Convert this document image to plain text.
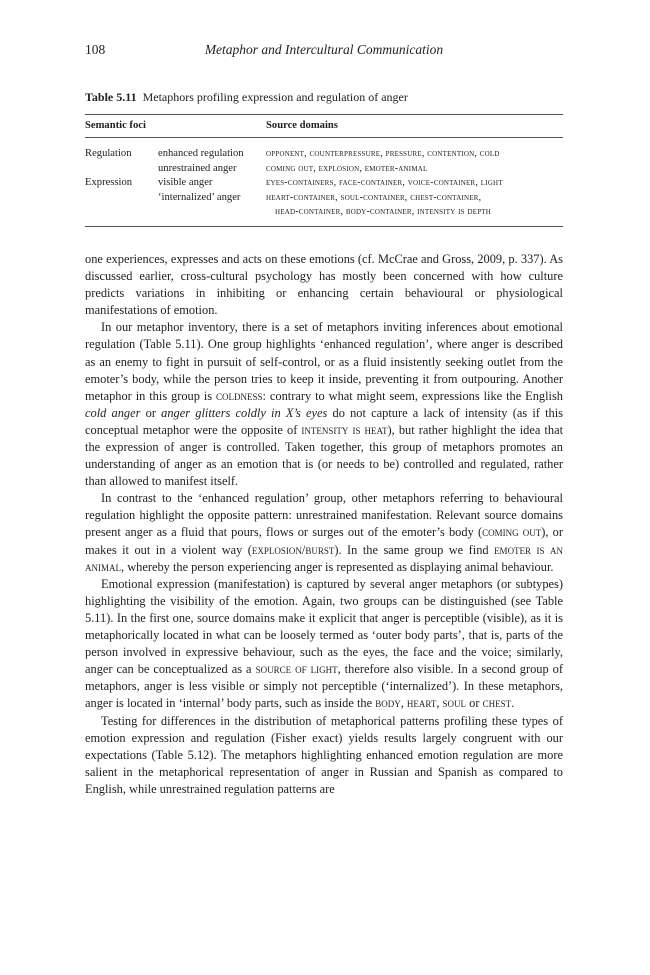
108	Metaphor and Intercultural Communication
Table 5.11 Metaphors profiling expression and regulation of anger
Semantic foci		Source domains
Regulation	enhanced regulation	opponent, counterpressure, pressure, contention, cold
	unrestrained anger	coming out, explosion, emoter-animal
Expression	visible anger	eyes-containers, face-container, voice-container, light
	‘internalized’ anger	heart-container, soul-container, chest-container,
		head-container, body-container, intensity is depth

one experiences, expresses and acts on these emotions (cf. McCrae and Gross, 2009, p. 337). As discussed earlier, cross-cultural psychology has mostly been concerned with how culture predicts variations in inhibiting or enhancing certain behavioural or physiological manifestations of emotion.

In our metaphor inventory, there is a set of metaphors inviting inferences about emotional regulation (Table 5.11). One group highlights ‘enhanced regulation’, where anger is described as an enemy to fight in pursuit of self-control, or as a fluid insistently seeking outlet from the emoter’s body, while the person tries to keep it inside, preventing it from outpouring. Another metaphor in this group is coldness: contrary to what might seem, expressions like the English cold anger or anger glitters coldly in X’s eyes do not capture a lack of intensity (as if this conceptual metaphor were the opposite of intensity is heat), but rather highlight the idea that the expression of anger is controlled. Taken together, this group of metaphors promotes an understanding of anger as an emotion that is (or needs to be) controlled and regulated, rather than allowed to manifest itself.

In contrast to the ‘enhanced regulation’ group, other metaphors referring to behavioural regulation highlight the opposite pattern: unrestrained manifestation. Relevant source domains present anger as a fluid that pours, flows or surges out of the emoter’s body (coming out), or makes it out in a violent way (explosion/burst). In the same group we find emoter is an animal, whereby the person experiencing anger is represented as displaying animal behaviour.

Emotional expression (manifestation) is captured by several anger metaphors (or subtypes) highlighting the visibility of the emotion. Again, two groups can be distinguished (see Table 5.11). In the first one, source domains make it explicit that anger is perceptible (visible), as it is metaphorically located in what can be loosely termed as ‘outer body parts’, that is, parts of the person involved in expressive behaviour, such as the eyes, the face and the voice; similarly, anger can be conceptualized as a source of light, therefore also visible. In a second group of metaphors, anger is less visible or simply not perceptible (‘internalized’). In these metaphors, anger is located in ‘internal’ body parts, such as inside the body, heart, soul or chest.

Testing for differences in the distribution of metaphorical patterns profiling these types of emotion expression and regulation (Fisher exact) yields results largely congruent with our expectations (Table 5.12). The metaphors highlighting enhanced emotion regulation are more salient in the metaphorical representation of anger in Russian and Spanish as compared to English, while unrestrained regulation patterns are
